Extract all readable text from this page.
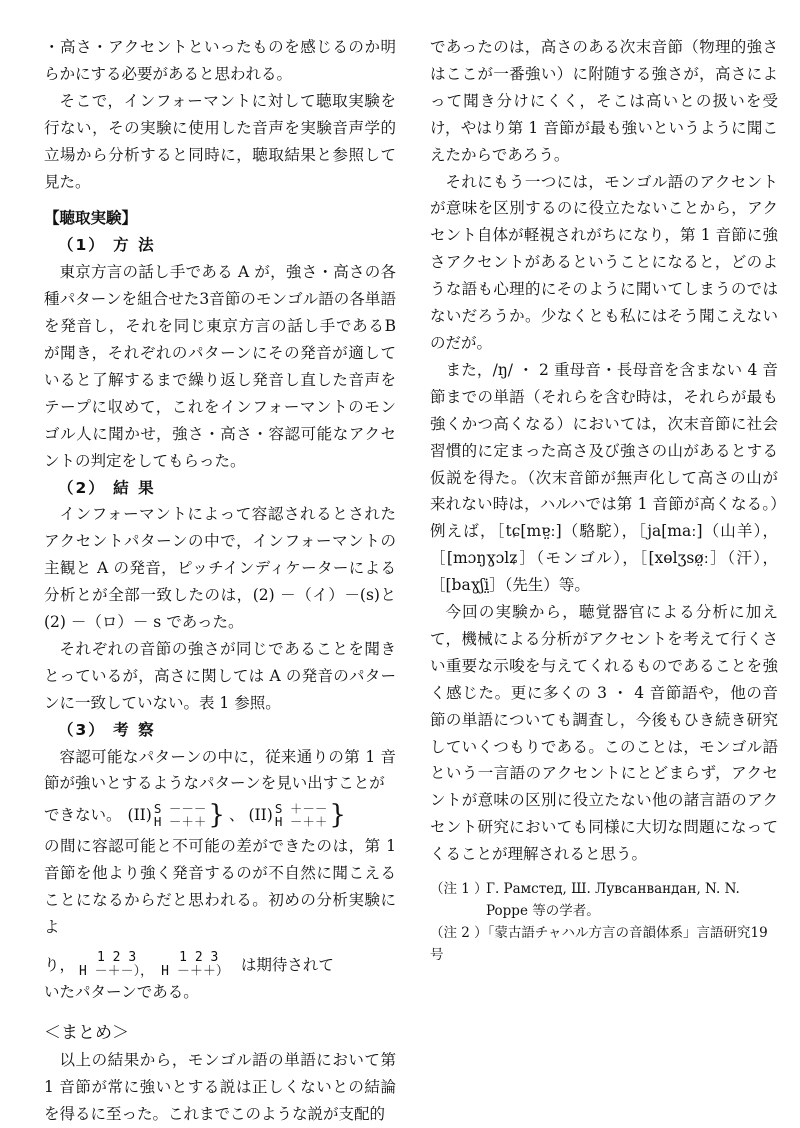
・高さ・アクセントといったものを感じるのか明らかにする必要があると思われる。

そこで，インフォーマントに対して聴取実験を行ない，その実験に使用した音声を実験音声学的立場から分析すると同時に，聴取結果と参照して見た。

【聴取実験】

（1） 方 法

東京方言の話し手である A が，強さ・高さの各種パターンを組合せた3音節のモンゴル語の各単語を発音し，それを同じ東京方言の話し手であるBが聞き，それぞれのパターンにその発音が適していると了解するまで繰り返し発音し直した音声をテープに収めて，これをインフォーマントのモンゴル人に聞かせ，強さ・高さ・容認可能なアクセントの判定をしてもらった。

（2） 結 果

インフォーマントによって容認されるとされたアクセントパターンの中で，インフォーマントの主観と A の発音，ピッチインディケーターによる分析とが全部一致したのは，(2) －（イ）－(s)と (2) －（ロ）－ s であった。

それぞれの音節の強さが同じであることを聞きとっているが，高さに関しては A の発音のパターンに一致していない。表 1 参照。

（3） 考 察

容認可能なパターンの中に，従来通りの第 1 音節が強いとするようなパターンを見い出すことが

できない。 (II) S －－－
H －＋＋ } 、 (II) S ＋－－
H －＋＋ }

の間に容認可能と不可能の差ができたのは，第 1 音節を他より強く発音するのが不自然に聞こえることになるからだと思われる。初めの分析実験によ

り，	1 2 3
H －＋－），
1 2 3
H －＋＋） は期待されて

いたパターンである。

＜まとめ＞

以上の結果から，モンゴル語の単語において第 1 音節が常に強いとする説は正しくないとの結論を得るに至った。これまでこのような説が支配的

であったのは，高さのある次末音節（物理的強さはここが一番強い）に附随する強さが，高さによって聞き分けにくく，そこは高いとの扱いを受け，やはり第 1 音節が最も強いというように聞こえたからであろう。

それにもう一つには，モンゴル語のアクセントが意味を区別するのに役立たないことから，アクセント自体が軽視されがちになり，第 1 音節に強さアクセントがあるということになると，どのような語も心理的にそのように聞いてしまうのではないだろうか。少なくとも私にはそう聞こえないのだが。

また，/ŋ/ ・ 2 重母音・長母音を含まない 4 音節までの単語（それらを含む時は，それらが最も強くかつ高くなる）においては，次末音節に社会習慣的に定まった高さ及び強さの山があるとする仮説を得た。（次末音節が無声化して高さの山が来れない時は，ハルハでは第 1 音節が高くなる。）例えば，［tɕ[mɐ̤ː]（駱駝），［ja[maː]（山羊），［[mɔŋɣɔlʑ］（モンゴル），［[xɵlʒsø̤ː］（汗），［[baɣʃi̤］（先生）等。

今回の実験から，聴覚器官による分析に加えて，機械による分析がアクセントを考えて行くさい重要な示唆を与えてくれるものであることを強く感じた。更に多くの 3 ・ 4 音節語や，他の音節の単語についても調査し，今後もひき続き研究していくつもりである。このことは，モンゴル語という一言語のアクセントにとどまらず，アクセントが意味の区別に役立たない他の諸言語のアクセント研究においても同様に大切な問題になってくることが理解されると思う。

（注 1 ）Г. Рамстед, Ш. Лувсанвандан, N. N. Poppe 等の学者。

（注 2 ）「蒙古語チャハル方言の音韻体系」言語研究19号
